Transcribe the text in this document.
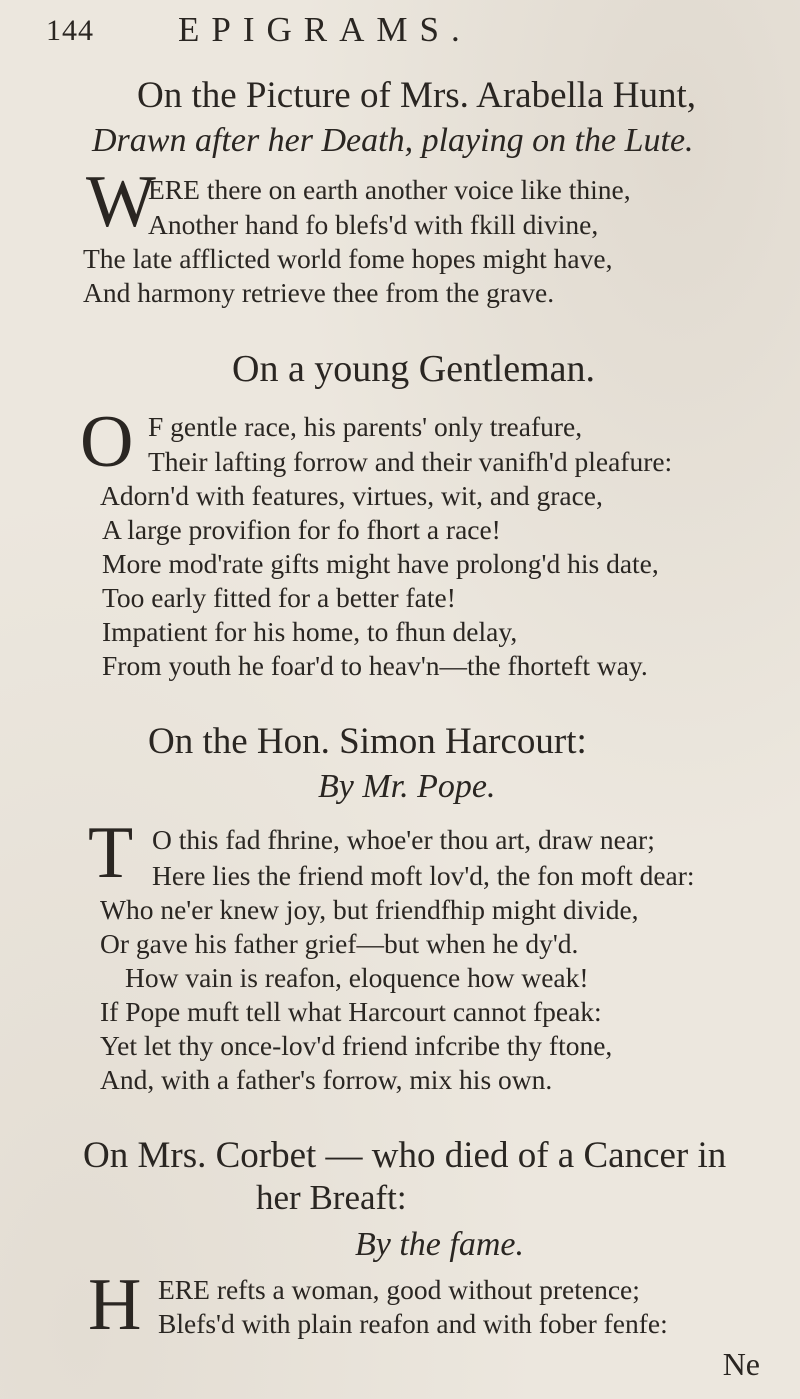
144 EPIGRAMS.
On the Picture of Mrs. Arabella Hunt,
Drawn after her Death, playing on the Lute.
W
ERE there on earth another voice like thine,
Another hand fo blefs'd with fkill divine,
The late afflicted world fome hopes might have,
And harmony retrieve thee from the grave.
On a young Gentleman.
O F gentle race, his parents' only treafure,
Their lafting forrow and their vanifh'd pleafure:
Adorn'd with features, virtues, wit, and grace,
A large provifion for fo fhort a race!
More mod'rate gifts might have prolong'd his date,
Too early fitted for a better fate!
Impatient for his home, to fhun delay,
From youth he foar'd to heav'n—the fhorteft way.
On the Hon. Simon Harcourt:
By Mr. Pope.
T O this fad fhrine, whoe'er thou art, draw near;
Here lies the friend moft lov'd, the fon moft dear:
Who ne'er knew joy, but friendfhip might divide,
Or gave his father grief—but when he dy'd.
How vain is reafon, eloquence how weak!
If Pope muft tell what Harcourt cannot fpeak:
Yet let thy once-lov'd friend infcribe thy ftone,
And, with a father's forrow, mix his own.
On Mrs. Corbet — who died of a Cancer in
her Breaft:
By the fame.
H ERE refts a woman, good without pretence;
Blefs'd with plain reafon and with fober fenfe:
Ne
